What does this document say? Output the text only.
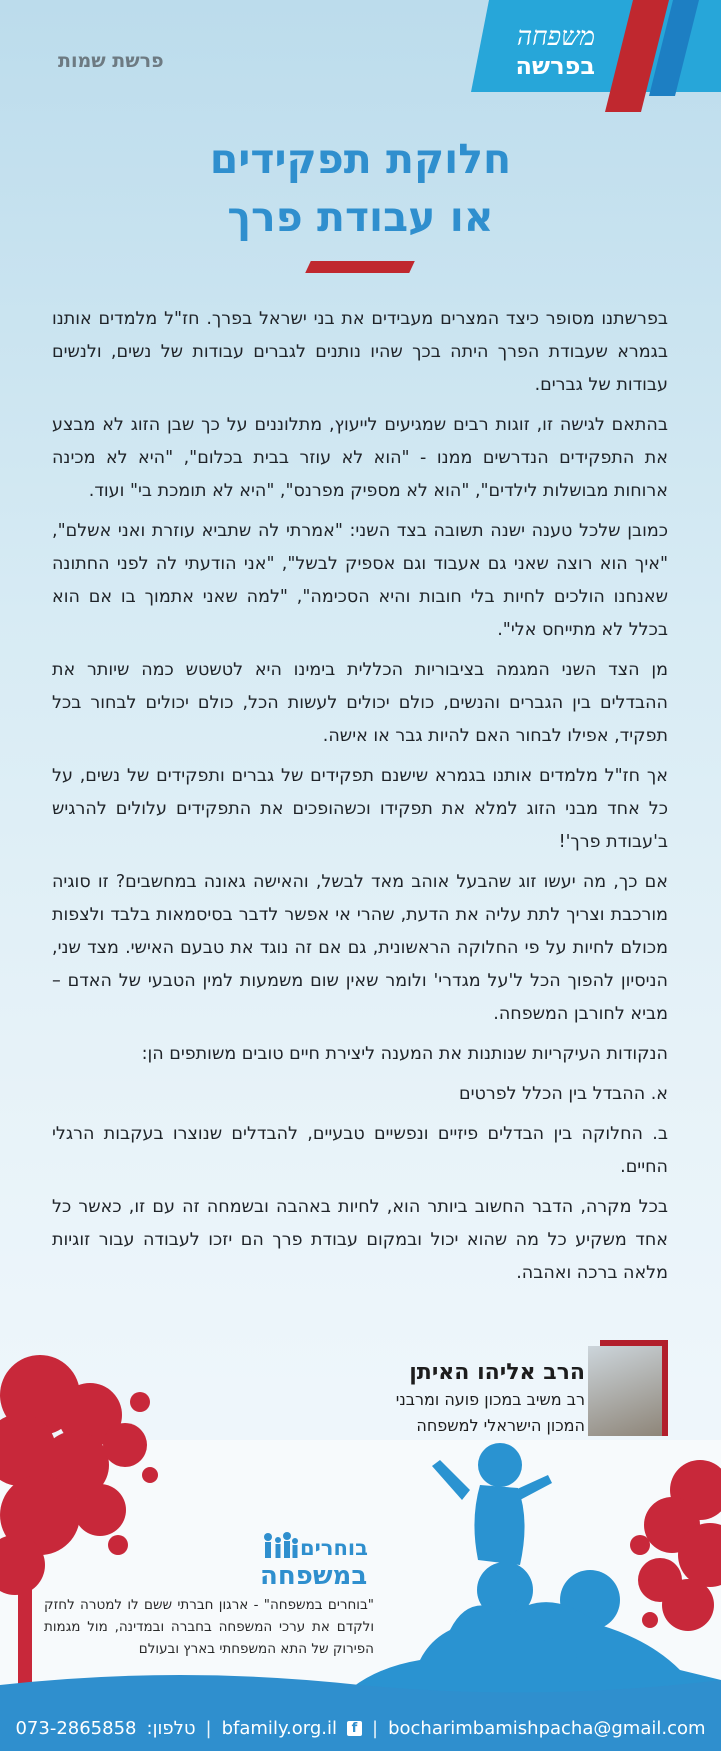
משפחה
בפרשה
פרשת שמות
חלוקת תפקידים
או עבודת פרך

בפרשתנו מסופר כיצד המצרים מעבידים את בני ישראל בפרך. חז"ל מלמדים אותנו בגמרא שעבודת הפרך היתה בכך שהיו נותנים לגברים עבודות של נשים, ולנשים עבודות של גברים.

בהתאם לגישה זו, זוגות רבים שמגיעים לייעוץ, מתלוננים על כך שבן הזוג לא מבצע את התפקידים הנדרשים ממנו - "הוא לא עוזר בבית בכלום", "היא לא מכינה ארוחות מבושלות לילדים", "הוא לא מספיק מפרנס", "היא לא תומכת בי" ועוד.

כמובן שלכל טענה ישנה תשובה בצד השני: "אמרתי לה שתביא עוזרת ואני אשלם", "איך הוא רוצה שאני גם אעבוד וגם אספיק לבשל", "אני הודעתי לה לפני החתונה שאנחנו הולכים לחיות בלי חובות והיא הסכימה", "למה שאני אתמוך בו אם הוא בכלל לא מתייחס אלי".

מן הצד השני המגמה בציבוריות הכללית בימינו היא לטשטש כמה שיותר את ההבדלים בין הגברים והנשים, כולם יכולים לעשות הכל, כולם יכולים לבחור בכל תפקיד, אפילו לבחור האם להיות גבר או אישה.

אך חז"ל מלמדים אותנו בגמרא שישנם תפקידים של גברים ותפקידים של נשים, על כל אחד מבני הזוג למלא את תפקידו וכשהופכים את התפקידים עלולים להרגיש ב'עבודת פרך'!

אם כך, מה יעשו זוג שהבעל אוהב מאד לבשל, והאישה גאונה במחשבים? זו סוגיה מורכבת וצריך לתת עליה את הדעת, שהרי אי אפשר לדבר בסיסמאות בלבד ולצפות מכולם לחיות על פי החלוקה הראשונית, גם אם זה נוגד את טבעם האישי. מצד שני, הניסיון להפוך הכל ל'על מגדרי' ולומר שאין שום משמעות למין הטבעי של האדם – מביא לחורבן המשפחה.

הנקודות העיקריות שנותנות את המענה ליצירת חיים טובים משותפים הן:

א. ההבדל בין הכלל לפרטים

ב. החלוקה בין הבדלים פיזיים ונפשיים טבעיים, להבדלים שנוצרו בעקבות הרגלי החיים.

בכל מקרה, הדבר החשוב ביותר הוא, לחיות באהבה ובשמחה זה עם זו, כאשר כל אחד משקיע כל מה שהוא יכול ובמקום עבודת פרך הם יזכו לעבודה עבור זוגיות מלאה ברכה ואהבה.

הרב אליהו האיתן
רב משיב במכון פועה ומרבני
המכון הישראלי למשפחה
בוחרים
במשפחה
"בוחרים במשפחה" - ארגון חברתי ששם לו למטרה לחזק ולקדם את ערכי המשפחה בחברה ובמדינה, מול מגמות הפירוק של התא המשפחתי בארץ ובעולם
073-2865858 טלפון: | bfamily.org.il	f | bocharimbamishpacha@gmail.com
